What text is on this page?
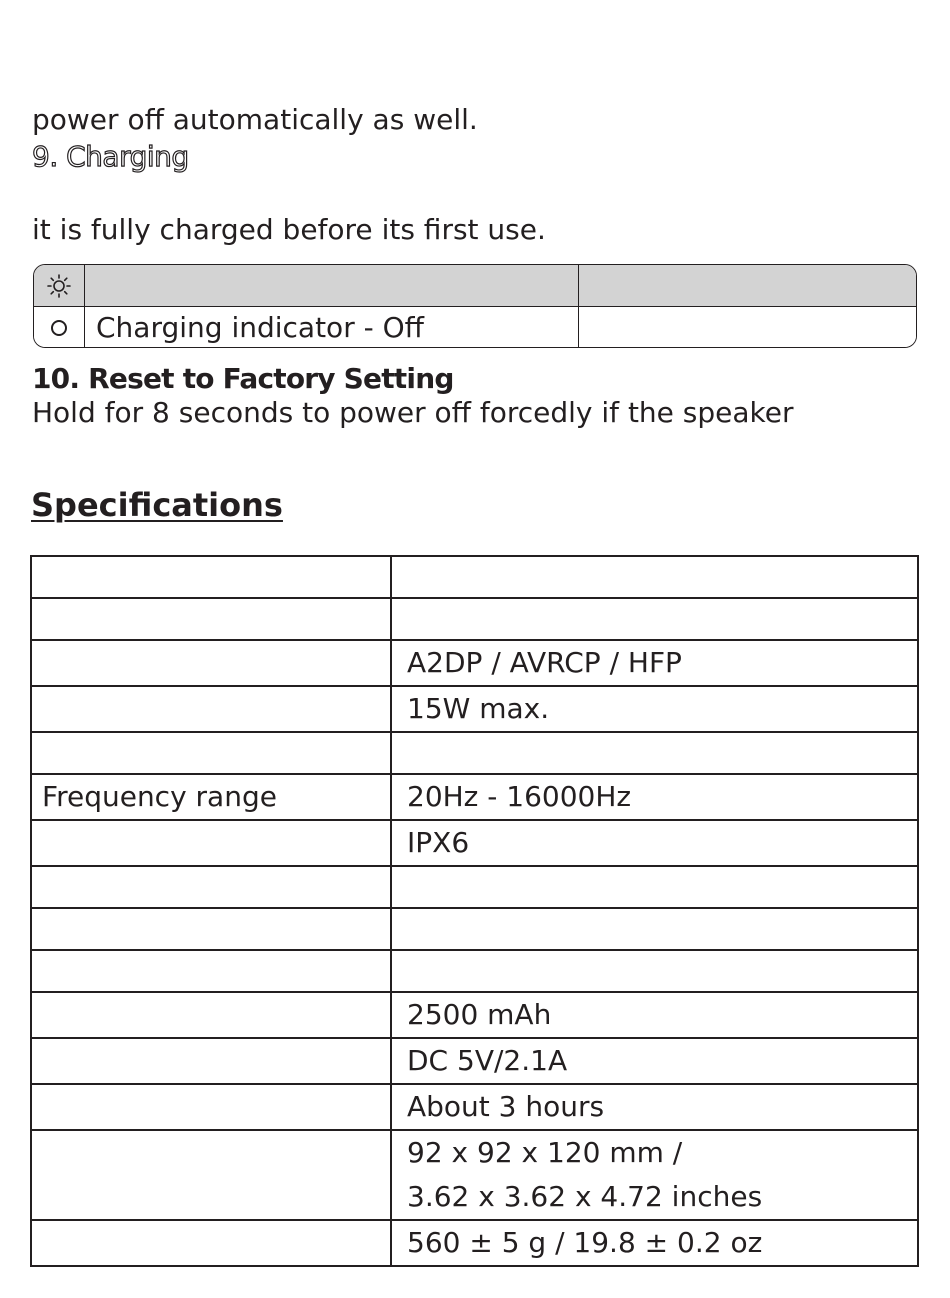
power off automatically as well.
9. Charging
it is fully charged before its first use.
Charging indicator - Off
10. Reset to Factory Setting
Hold for 8 seconds to power off forcedly if the speaker
Specifications

	A2DP / AVRCP / HFP
	15W max.

Frequency range	20Hz - 16000Hz
	IPX6

	2500 mAh
	DC 5V/2.1A
	About 3 hours

	92 x 92 x 120 mm /
3.62 x 3.62 x 4.72 inches

	560 ± 5 g / 19.8 ± 0.2 oz
